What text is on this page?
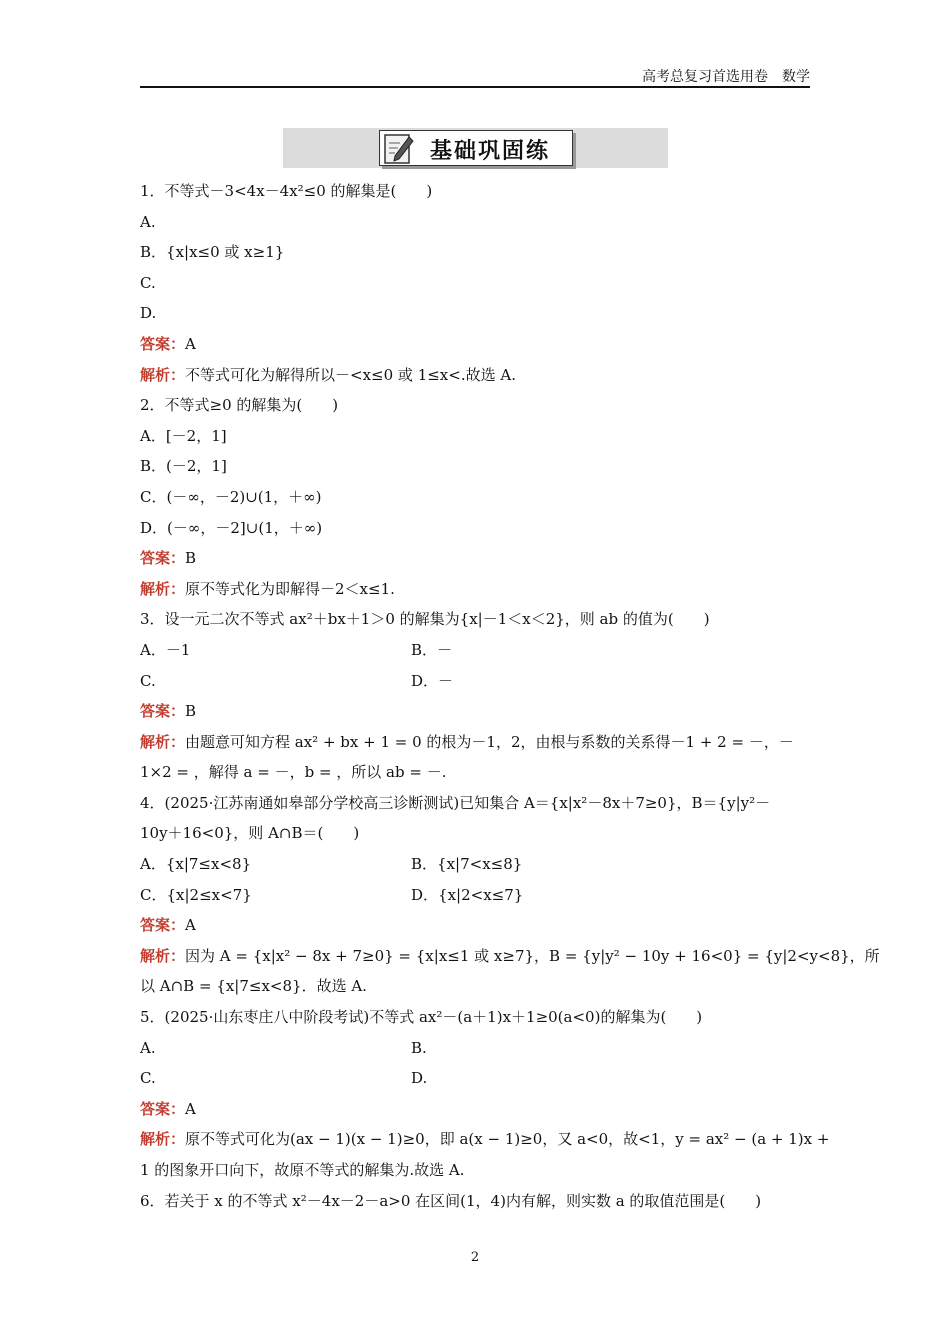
高考总复习首选用卷　数学
基础巩固练
1．不等式－3<4x－4x²≤0 的解集是(　　)
A.
B．{x|x≤0 或 x≥1}
C.
D.
答案：A
解析：不等式可化为解得所以－<x≤0 或 1≤x<.故选 A.
2．不等式≥0 的解集为(　　)
A．[－2，1]
B．(－2，1]
C．(－∞，－2)∪(1，＋∞)
D．(－∞，－2]∪(1，＋∞)
答案：B
解析：原不等式化为即解得－2＜x≤1.
3．设一元二次不等式 ax²＋bx＋1＞0 的解集为{x|－1＜x＜2}，则 ab 的值为(　　)
A．－1	B．－
C.	D．－
答案：B
解析：由题意可知方程 ax² + bx + 1 = 0 的根为－1，2，由根与系数的关系得－1 + 2 = －，－
1×2 = ，解得 a = －，b = ，所以 ab = －.
4．(2025·江苏南通如皋部分学校高三诊断测试)已知集合 A＝{x|x²－8x＋7≥0}，B＝{y|y²－
10y＋16<0}，则 A∩B＝(　　)
A．{x|7≤x<8}	B．{x|7<x≤8}
C．{x|2≤x<7}	D．{x|2<x≤7}
答案：A
解析：因为 A = {x|x² − 8x + 7≥0} = {x|x≤1 或 x≥7}，B = {y|y² − 10y + 16<0} = {y|2<y<8}，所
以 A∩B = {x|7≤x<8}．故选 A.
5．(2025·山东枣庄八中阶段考试)不等式 ax²－(a＋1)x＋1≥0(a<0)的解集为(　　)
A.	B.
C.	D.
答案：A
解析：原不等式可化为(ax − 1)(x − 1)≥0，即 a(x − 1)≥0，又 a<0，故<1，y = ax² − (a + 1)x +
1 的图象开口向下，故原不等式的解集为.故选 A.
6．若关于 x 的不等式 x²－4x－2－a>0 在区间(1，4)内有解，则实数 a 的取值范围是(　　)
2
